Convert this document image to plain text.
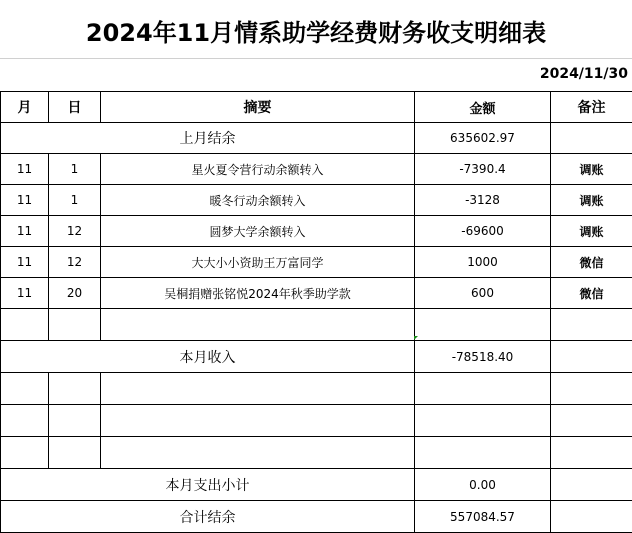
2024年11月情系助学经费财务收支明细表
2024/11/30
月	日	摘要	金额	备注
上月结余			635602.97	
11	1	星火夏令营行动余额转入	-7390.4	调账
11	1	暖冬行动余额转入	-3128	调账
11	12	圆梦大学余额转入	-69600	调账
11	12	大大小小资助王万富同学	1000	微信
11	20	吴桐捐赠张铭悦2024年秋季助学款	600	微信

本月收入			-78518.40	

本月支出小计			0.00	
合计结余			557084.57	
